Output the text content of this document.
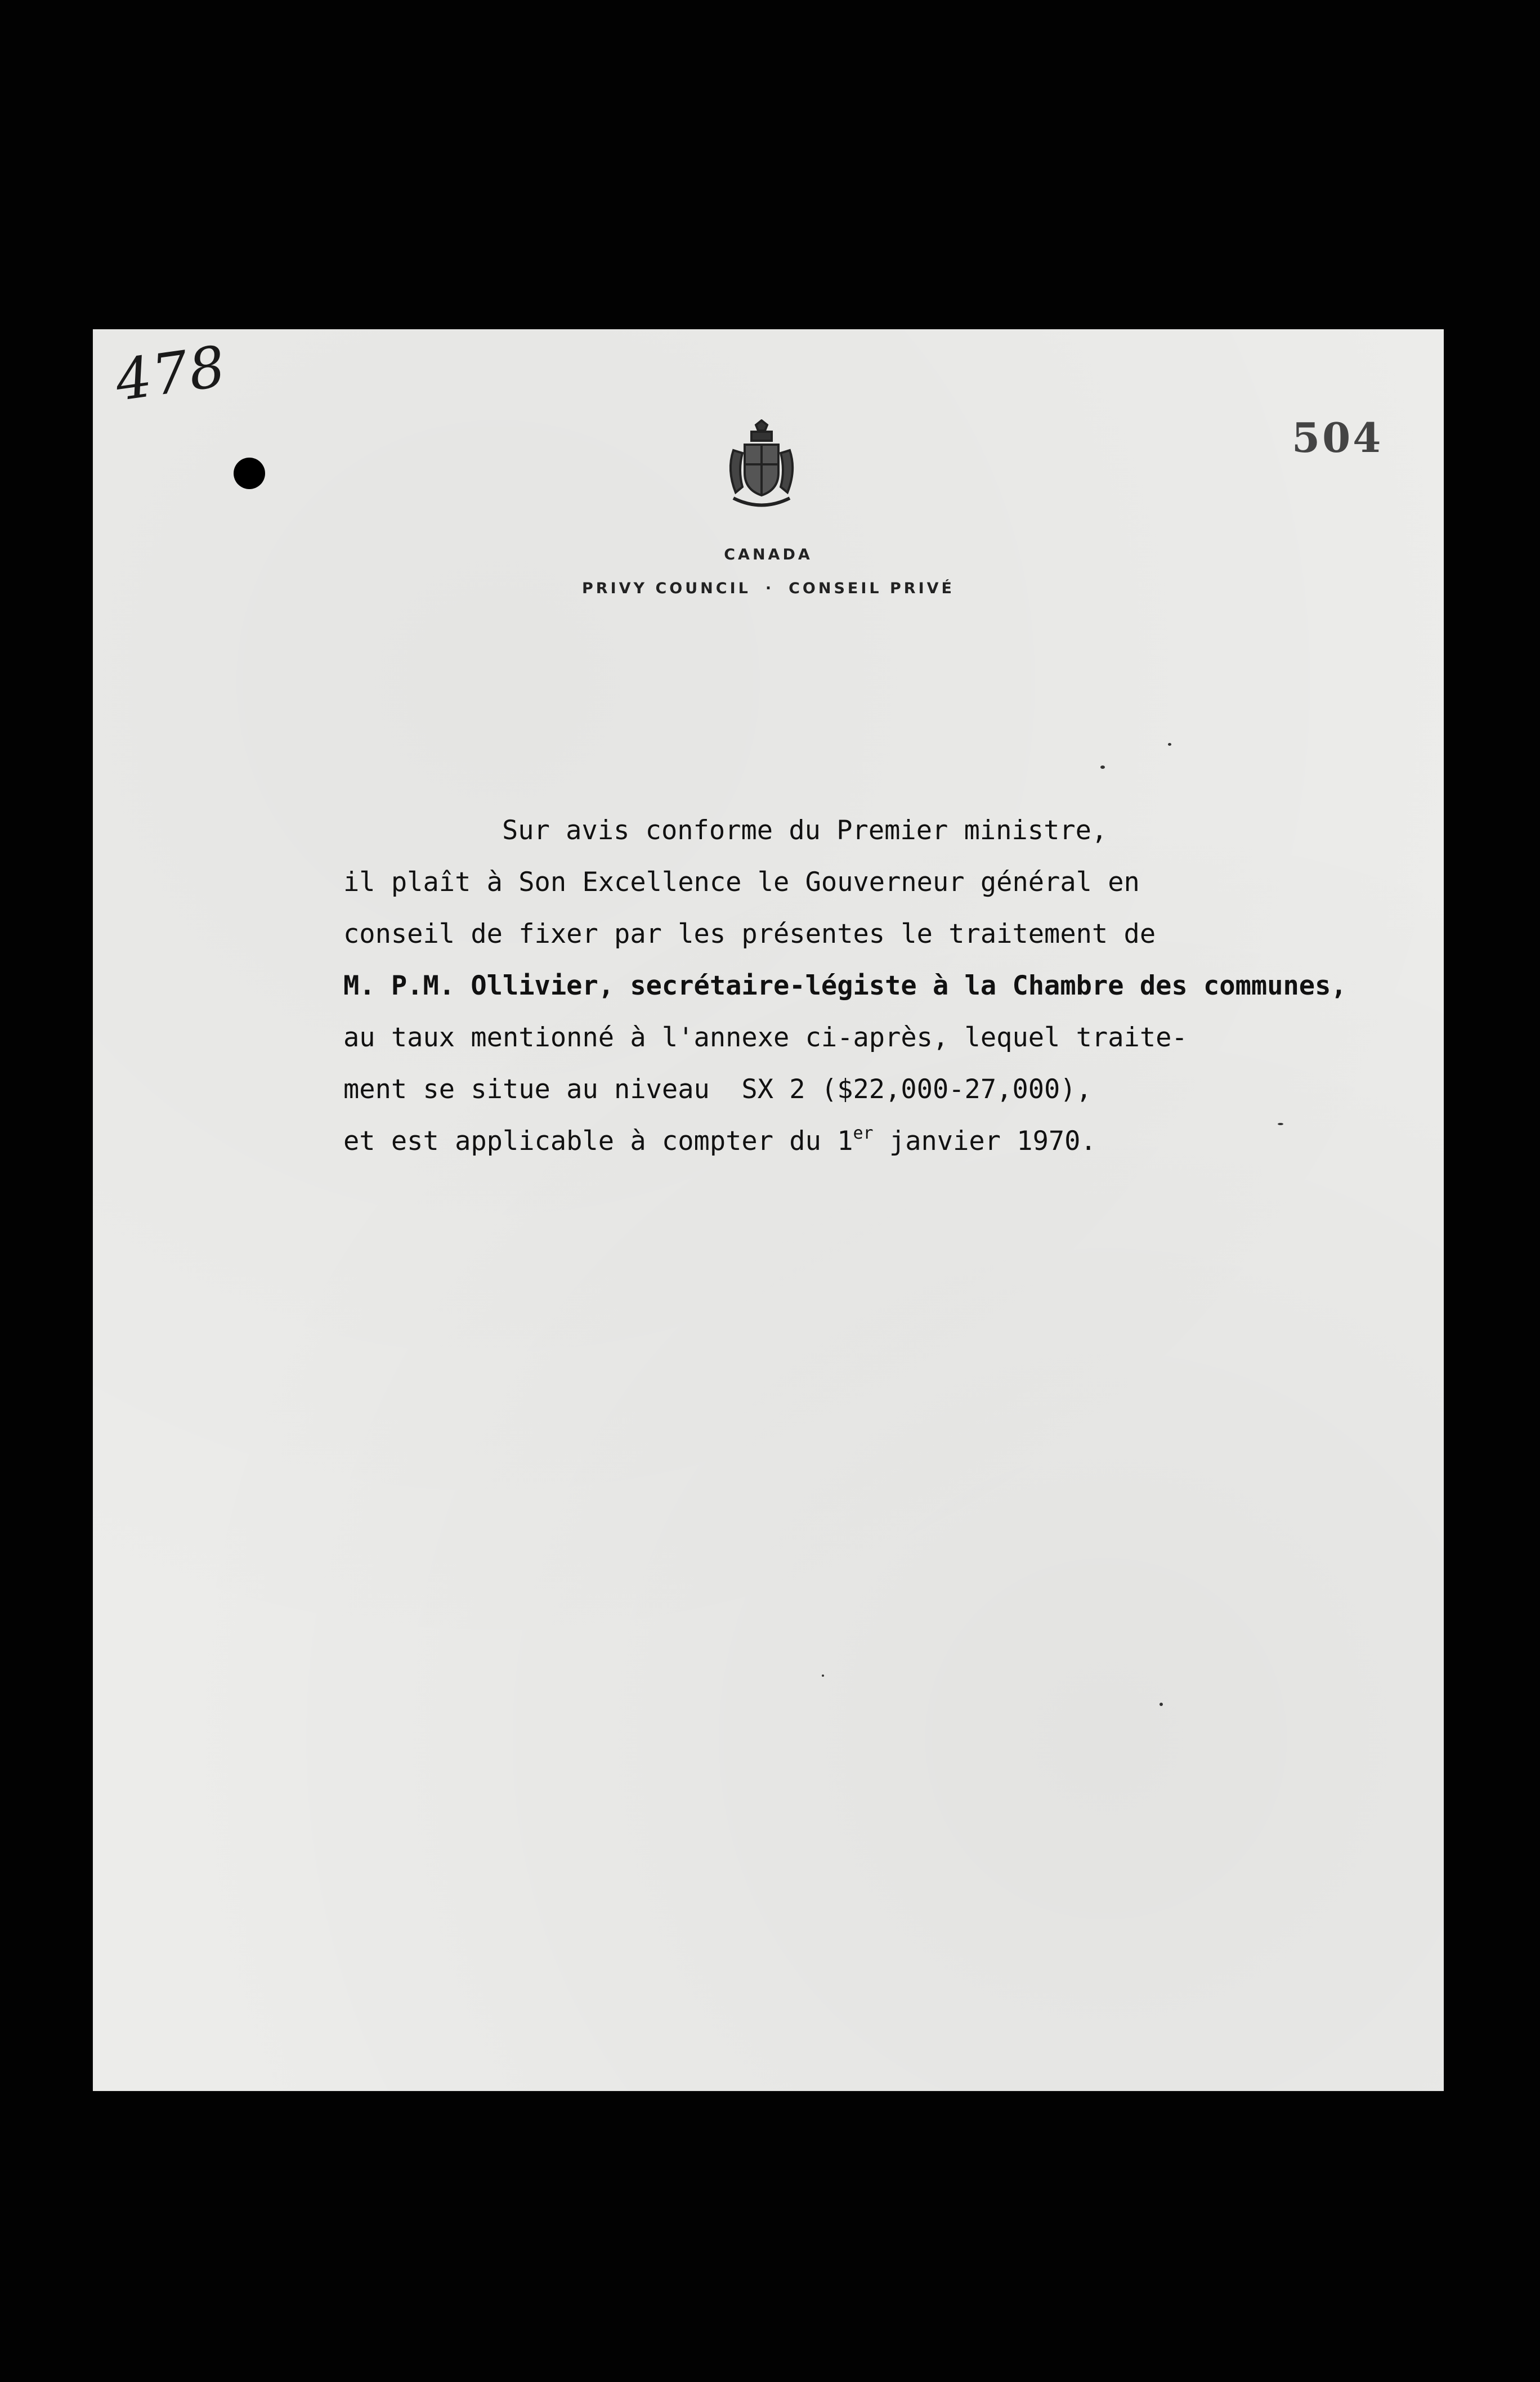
478
504
CANADA
PRIVY COUNCIL · CONSEIL PRIVÉ
Sur avis conforme du Premier ministre,
il plaît à Son Excellence le Gouverneur général en
conseil de fixer par les présentes le traitement de
M. P.M. Ollivier, secrétaire-légiste à la Chambre des communes,
au taux mentionné à l'annexe ci-après, lequel traite-
ment se situe au niveau  SX 2 ($22,000-27,000),
et est applicable à compter du 1er janvier 1970.
